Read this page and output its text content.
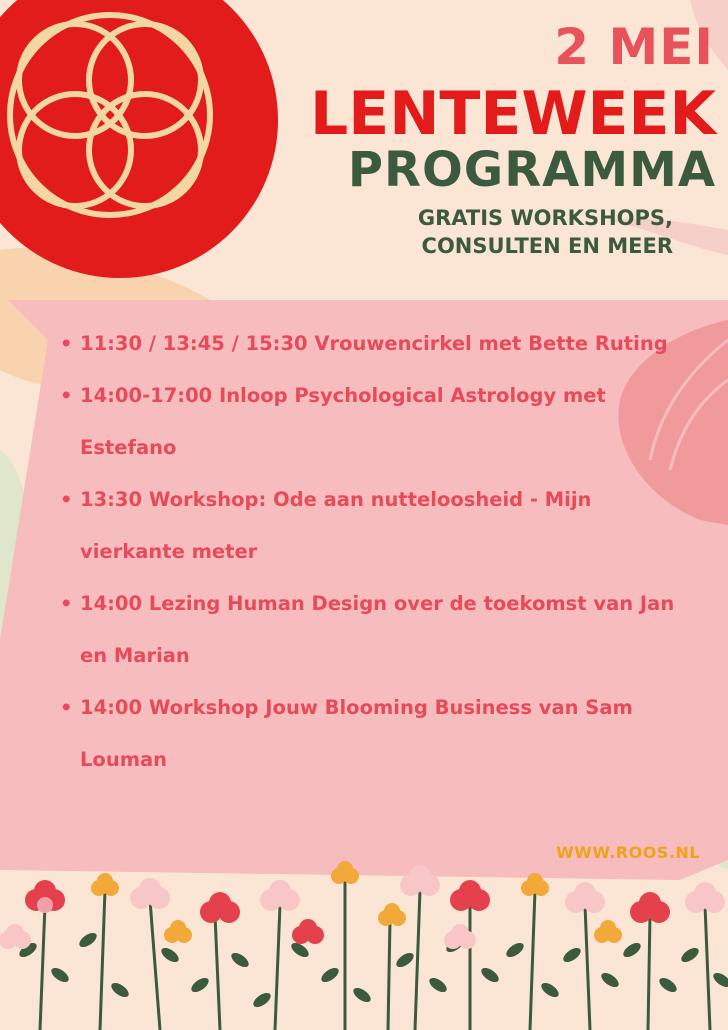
2 MEI
LENTEWEEK
PROGRAMMA
GRATIS WORKSHOPS, CONSULTEN EN MEER
• 11:30 / 13:45 / 15:30 Vrouwencirkel met Bette Ruting
• 14:00-17:00 Inloop Psychological Astrology met Estefano
• 13:30 Workshop: Ode aan nutteloosheid - Mijn vierkante meter
• 14:00 Lezing Human Design over de toekomst van Jan en Marian
• 14:00 Workshop Jouw Blooming Business van Sam Louman
WWW.ROOS.NL
